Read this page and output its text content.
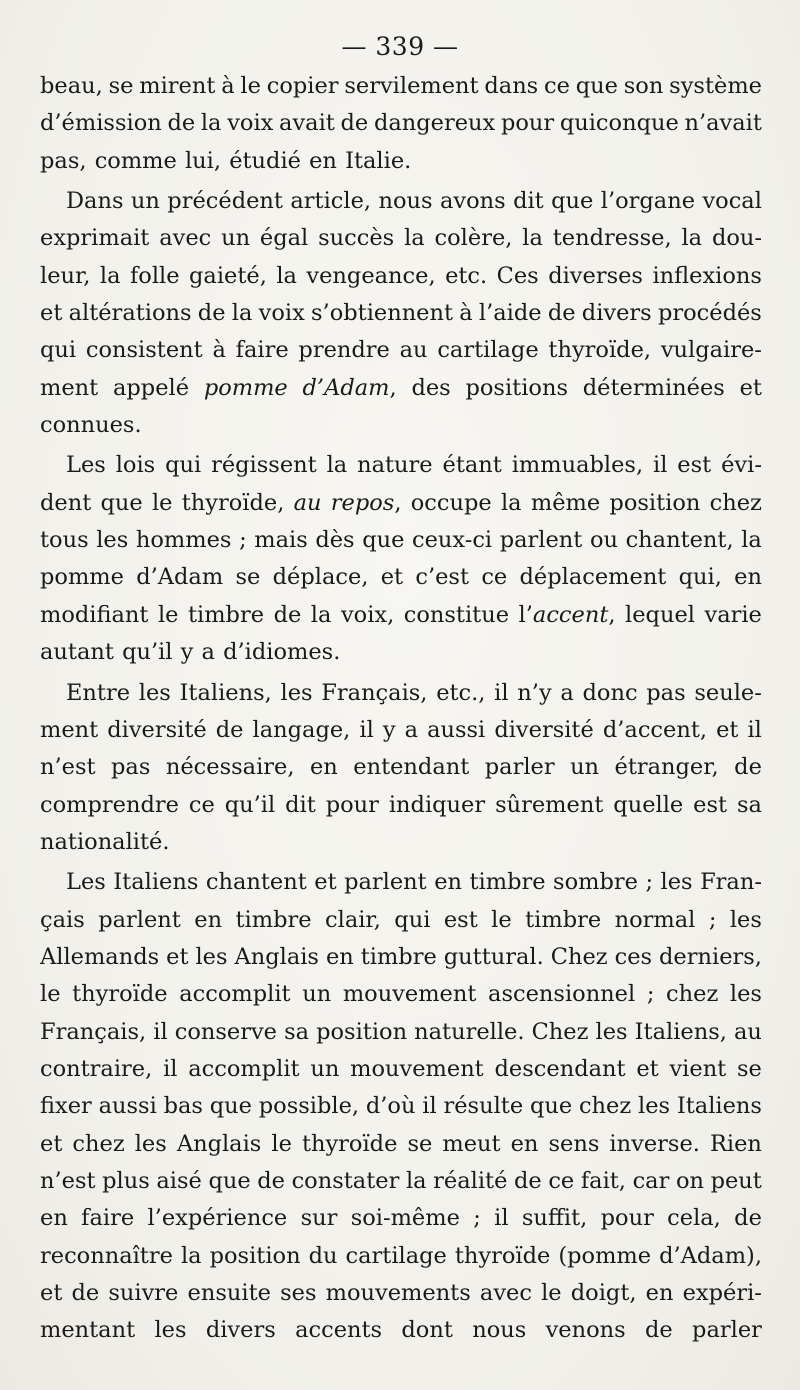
— 339 —
beau, se mirent à le copier servilement dans ce que son système
d’émission de la voix avait de dangereux pour quiconque n’avait
pas,
comme
lui,
étudié
en
Italie.
Dans un précédent article, nous avons dit que l’organe vocal
exprimait avec un égal succès la colère, la tendresse, la dou-
leur, la folle gaieté, la vengeance, etc. Ces diverses inflexions
et altérations de la voix s’obtiennent à l’aide de divers procédés
qui consistent à faire prendre au cartilage thyroïde, vulgaire-
ment appelé pomme d’Adam, des positions déterminées et
connues.
Les lois qui régissent la nature étant immuables, il est évi-
dent que le thyroïde, au repos, occupe la même position chez
tous les hommes ; mais dès que ceux-ci parlent ou chantent, la
pomme d’Adam se déplace, et c’est ce déplacement qui, en
modifiant le timbre de la voix, constitue l’accent, lequel varie
autant
qu’il
y
a
d’idiomes.
Entre les Italiens, les Français, etc., il n’y a donc pas seule-
ment diversité de langage, il y a aussi diversité d’accent, et il
n’est pas nécessaire, en entendant parler un étranger, de
comprendre ce qu’il dit pour indiquer sûrement quelle est sa
nationalité.
Les Italiens chantent et parlent en timbre sombre ; les Fran-
çais parlent en timbre clair, qui est le timbre normal ; les
Allemands et les Anglais en timbre guttural. Chez ces derniers,
le thyroïde accomplit un mouvement ascensionnel ; chez les
Français, il conserve sa position naturelle. Chez les Italiens, au
contraire, il accomplit un mouvement descendant et vient se
fixer aussi bas que possible, d’où il résulte que chez les Italiens
et chez les Anglais le thyroïde se meut en sens inverse. Rien
n’est plus aisé que de constater la réalité de ce fait, car on peut
en faire l’expérience sur soi-même ; il suffit, pour cela, de
reconnaître la position du cartilage thyroïde (pomme d’Adam),
et de suivre ensuite ses mouvements avec le doigt, en expéri-
mentant les divers accents dont nous venons de parler
